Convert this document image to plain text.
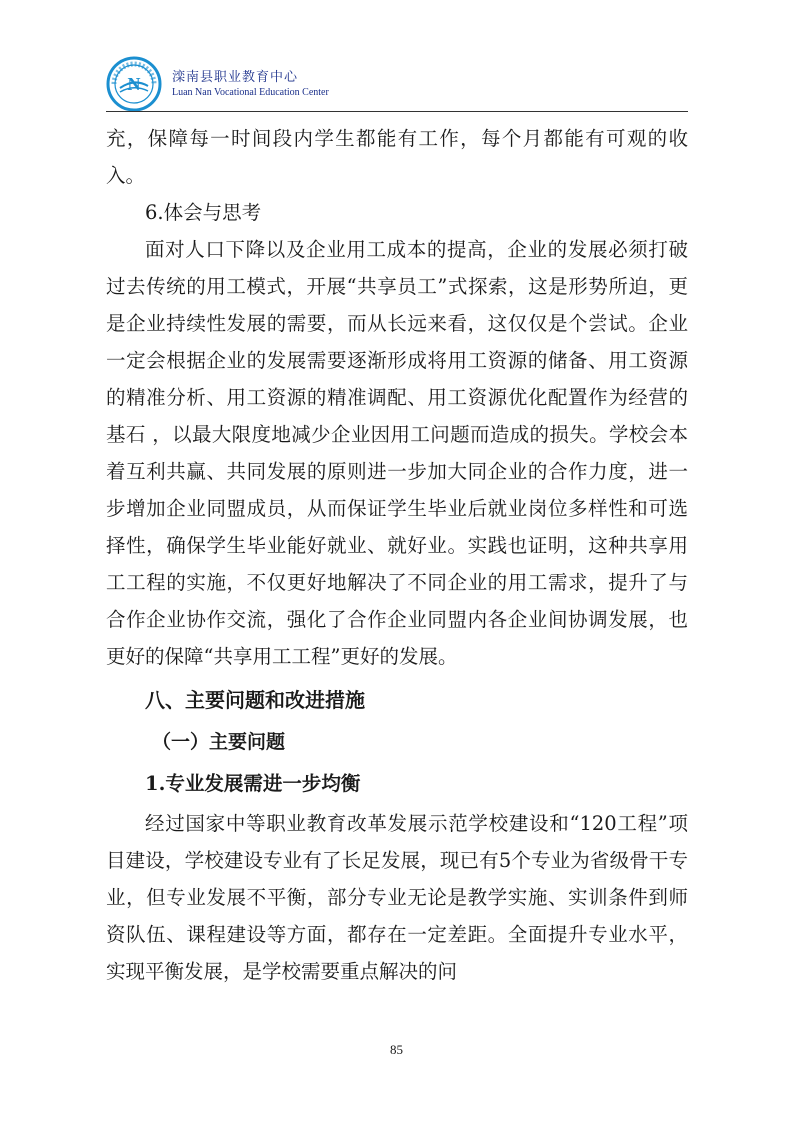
N 滦南县职业教育中心
Luan Nan Vocational Education Center

充，保障每一时间段内学生都能有工作，每个月都能有可观的收入。

6.体会与思考

面对人口下降以及企业用工成本的提高，企业的发展必须打破过去传统的用工模式，开展“共享员工”式探索，这是形势所迫，更是企业持续性发展的需要，而从长远来看，这仅仅是个尝试。企业一定会根据企业的发展需要逐渐形成将用工资源的储备、用工资源的精准分析、用工资源的精准调配、用工资源优化配置作为经营的基石 ，以最大限度地减少企业因用工问题而造成的损失。学校会本着互利共赢、共同发展的原则进一步加大同企业的合作力度，进一步增加企业同盟成员，从而保证学生毕业后就业岗位多样性和可选择性，确保学生毕业能好就业、就好业。实践也证明，这种共享用工工程的实施，不仅更好地解决了不同企业的用工需求，提升了与合作企业协作交流，强化了合作企业同盟内各企业间协调发展，也更好的保障“共享用工工程”更好的发展。

八、主要问题和改进措施

（一）主要问题

1.专业发展需进一步均衡

经过国家中等职业教育改革发展示范学校建设和“120工程”项目建设，学校建设专业有了长足发展，现已有5个专业为省级骨干专业，但专业发展不平衡，部分专业无论是教学实施、实训条件到师资队伍、课程建设等方面，都存在一定差距。全面提升专业水平，实现平衡发展，是学校需要重点解决的问

85
